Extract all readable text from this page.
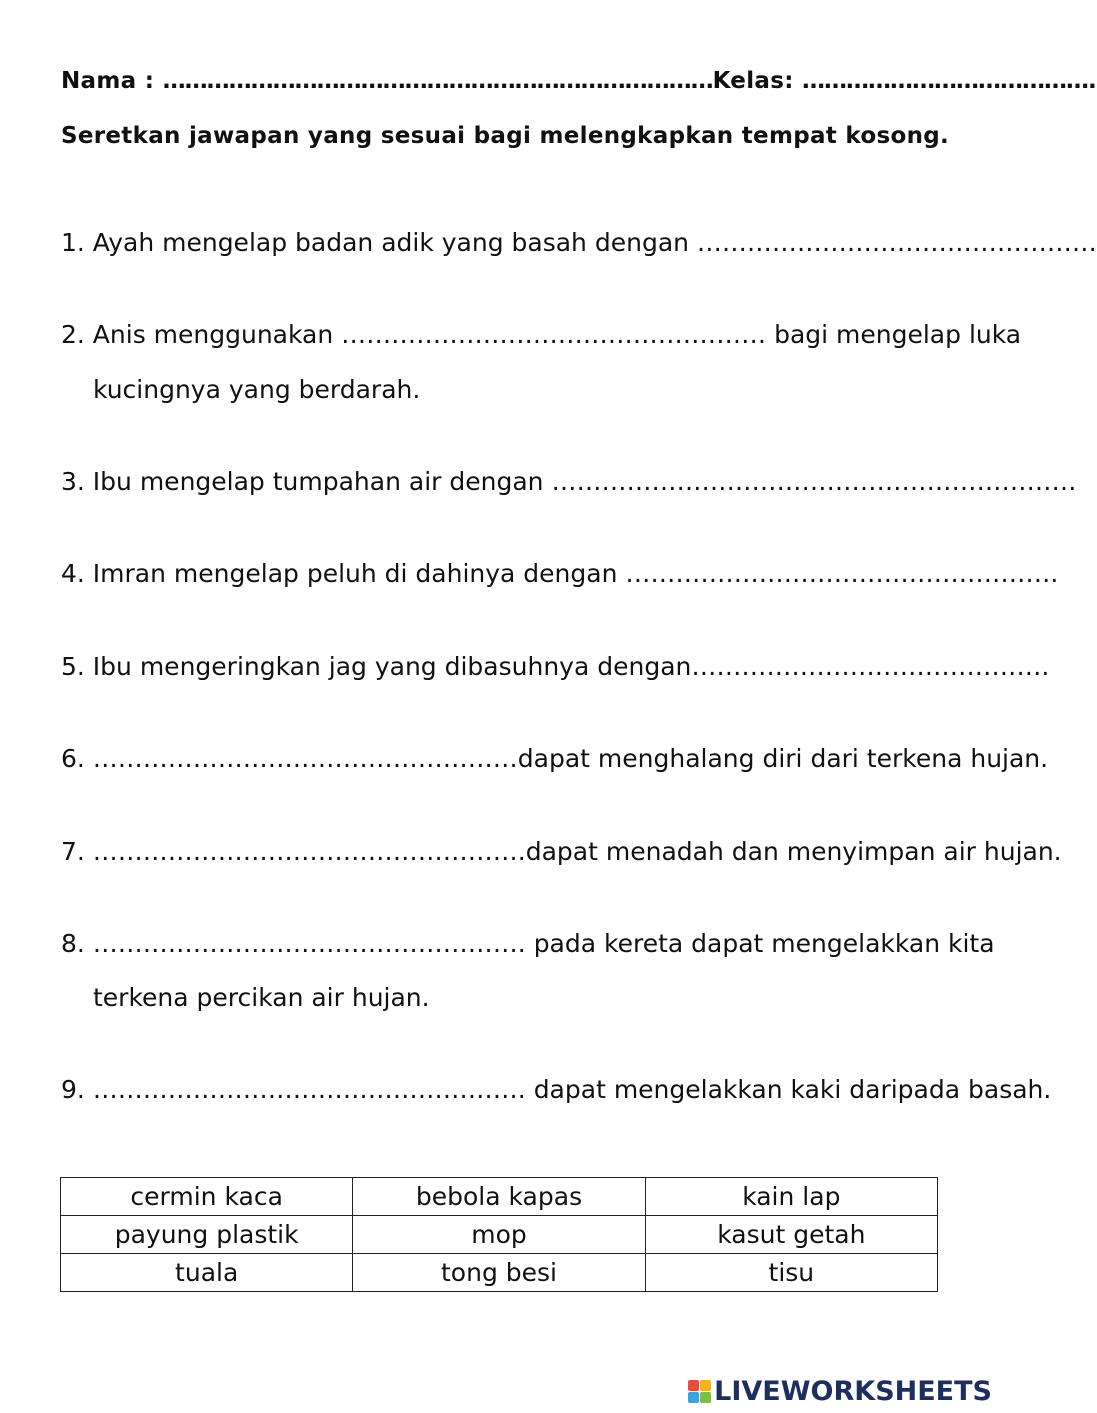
Nama : …………………………………………………………………Kelas: ………………………………….
Seretkan jawapan yang sesuai bagi melengkapkan tempat kosong.
1. Ayah mengelap badan adik yang basah dengan …………………………………………
2. Anis menggunakan …………………………………………… bagi mengelap luka
kucingnya yang berdarah.
3. Ibu mengelap tumpahan air dengan ………………………………………………………
4. Imran mengelap peluh di dahinya dengan …………………………………………….
5. Ibu mengeringkan jag yang dibasuhnya dengan…………………………………….
6. ……………………………………………dapat menghalang diri dari terkena hujan.
7. …………………………………………….dapat menadah dan menyimpan air hujan.
8. ……………………………………………. pada kereta dapat mengelakkan kita
terkena percikan air hujan.
9. ……………………………………………. dapat mengelakkan kaki daripada basah.
cermin kaca	bebola kapas	kain lap
payung plastik	mop	kasut getah
tuala	tong besi	tisu
LIVEWORKSHEETS
